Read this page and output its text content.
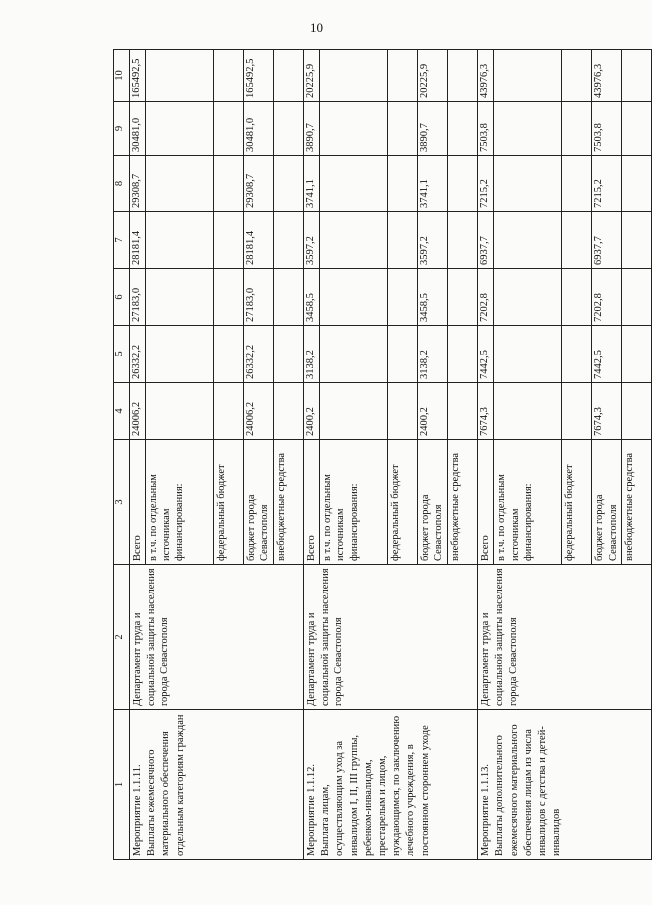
10
1	2	3	4	5	6	7	8	9	10
Мероприятие 1.1.11.
Выплаты ежемесячного материального обеспечения отдельным категориям граждан	Департамент труда и социальной защиты населения города Севастополя	Всего	24006,2	26332,2	27183,0	28181,4	29308,7	30481,0	165492,5
		в т.ч. по отдельным источникам финансирования:							
		федеральный бюджет							
		бюджет города Севастополя	24006,2	26332,2	27183,0	28181,4	29308,7	30481,0	165492,5
		внебюджетные средства							
Мероприятие 1.1.12.
Выплата лицам, осуществляющим уход за инвалидом I, II, III группы, ребенком-инвалидом, престарелым и лицом, нуждающимся, по заключению лечебного учреждения, в постоянном стороннем уходе	Департамент труда и социальной защиты населения города Севастополя	Всего	2400,2	3138,2	3458,5	3597,2	3741,1	3890,7	20225,9
		в т.ч. по отдельным источникам финансирования:							
		федеральный бюджет							
		бюджет города Севастополя	2400,2	3138,2	3458,5	3597,2	3741,1	3890,7	20225,9
		внебюджетные средства							
Мероприятие 1.1.13.
Выплаты дополнительного ежемесячного материального обеспечения лицам из числа инвалидов с детства и детей-инвалидов	Департамент труда и социальной защиты населения города Севастополя	Всего	7674,3	7442,5	7202,8	6937,7	7215,2	7503,8	43976,3
		в т.ч. по отдельным источникам финансирования:							
		федеральный бюджет							
		бюджет города Севастополя	7674,3	7442,5	7202,8	6937,7	7215,2	7503,8	43976,3
		внебюджетные средства							
